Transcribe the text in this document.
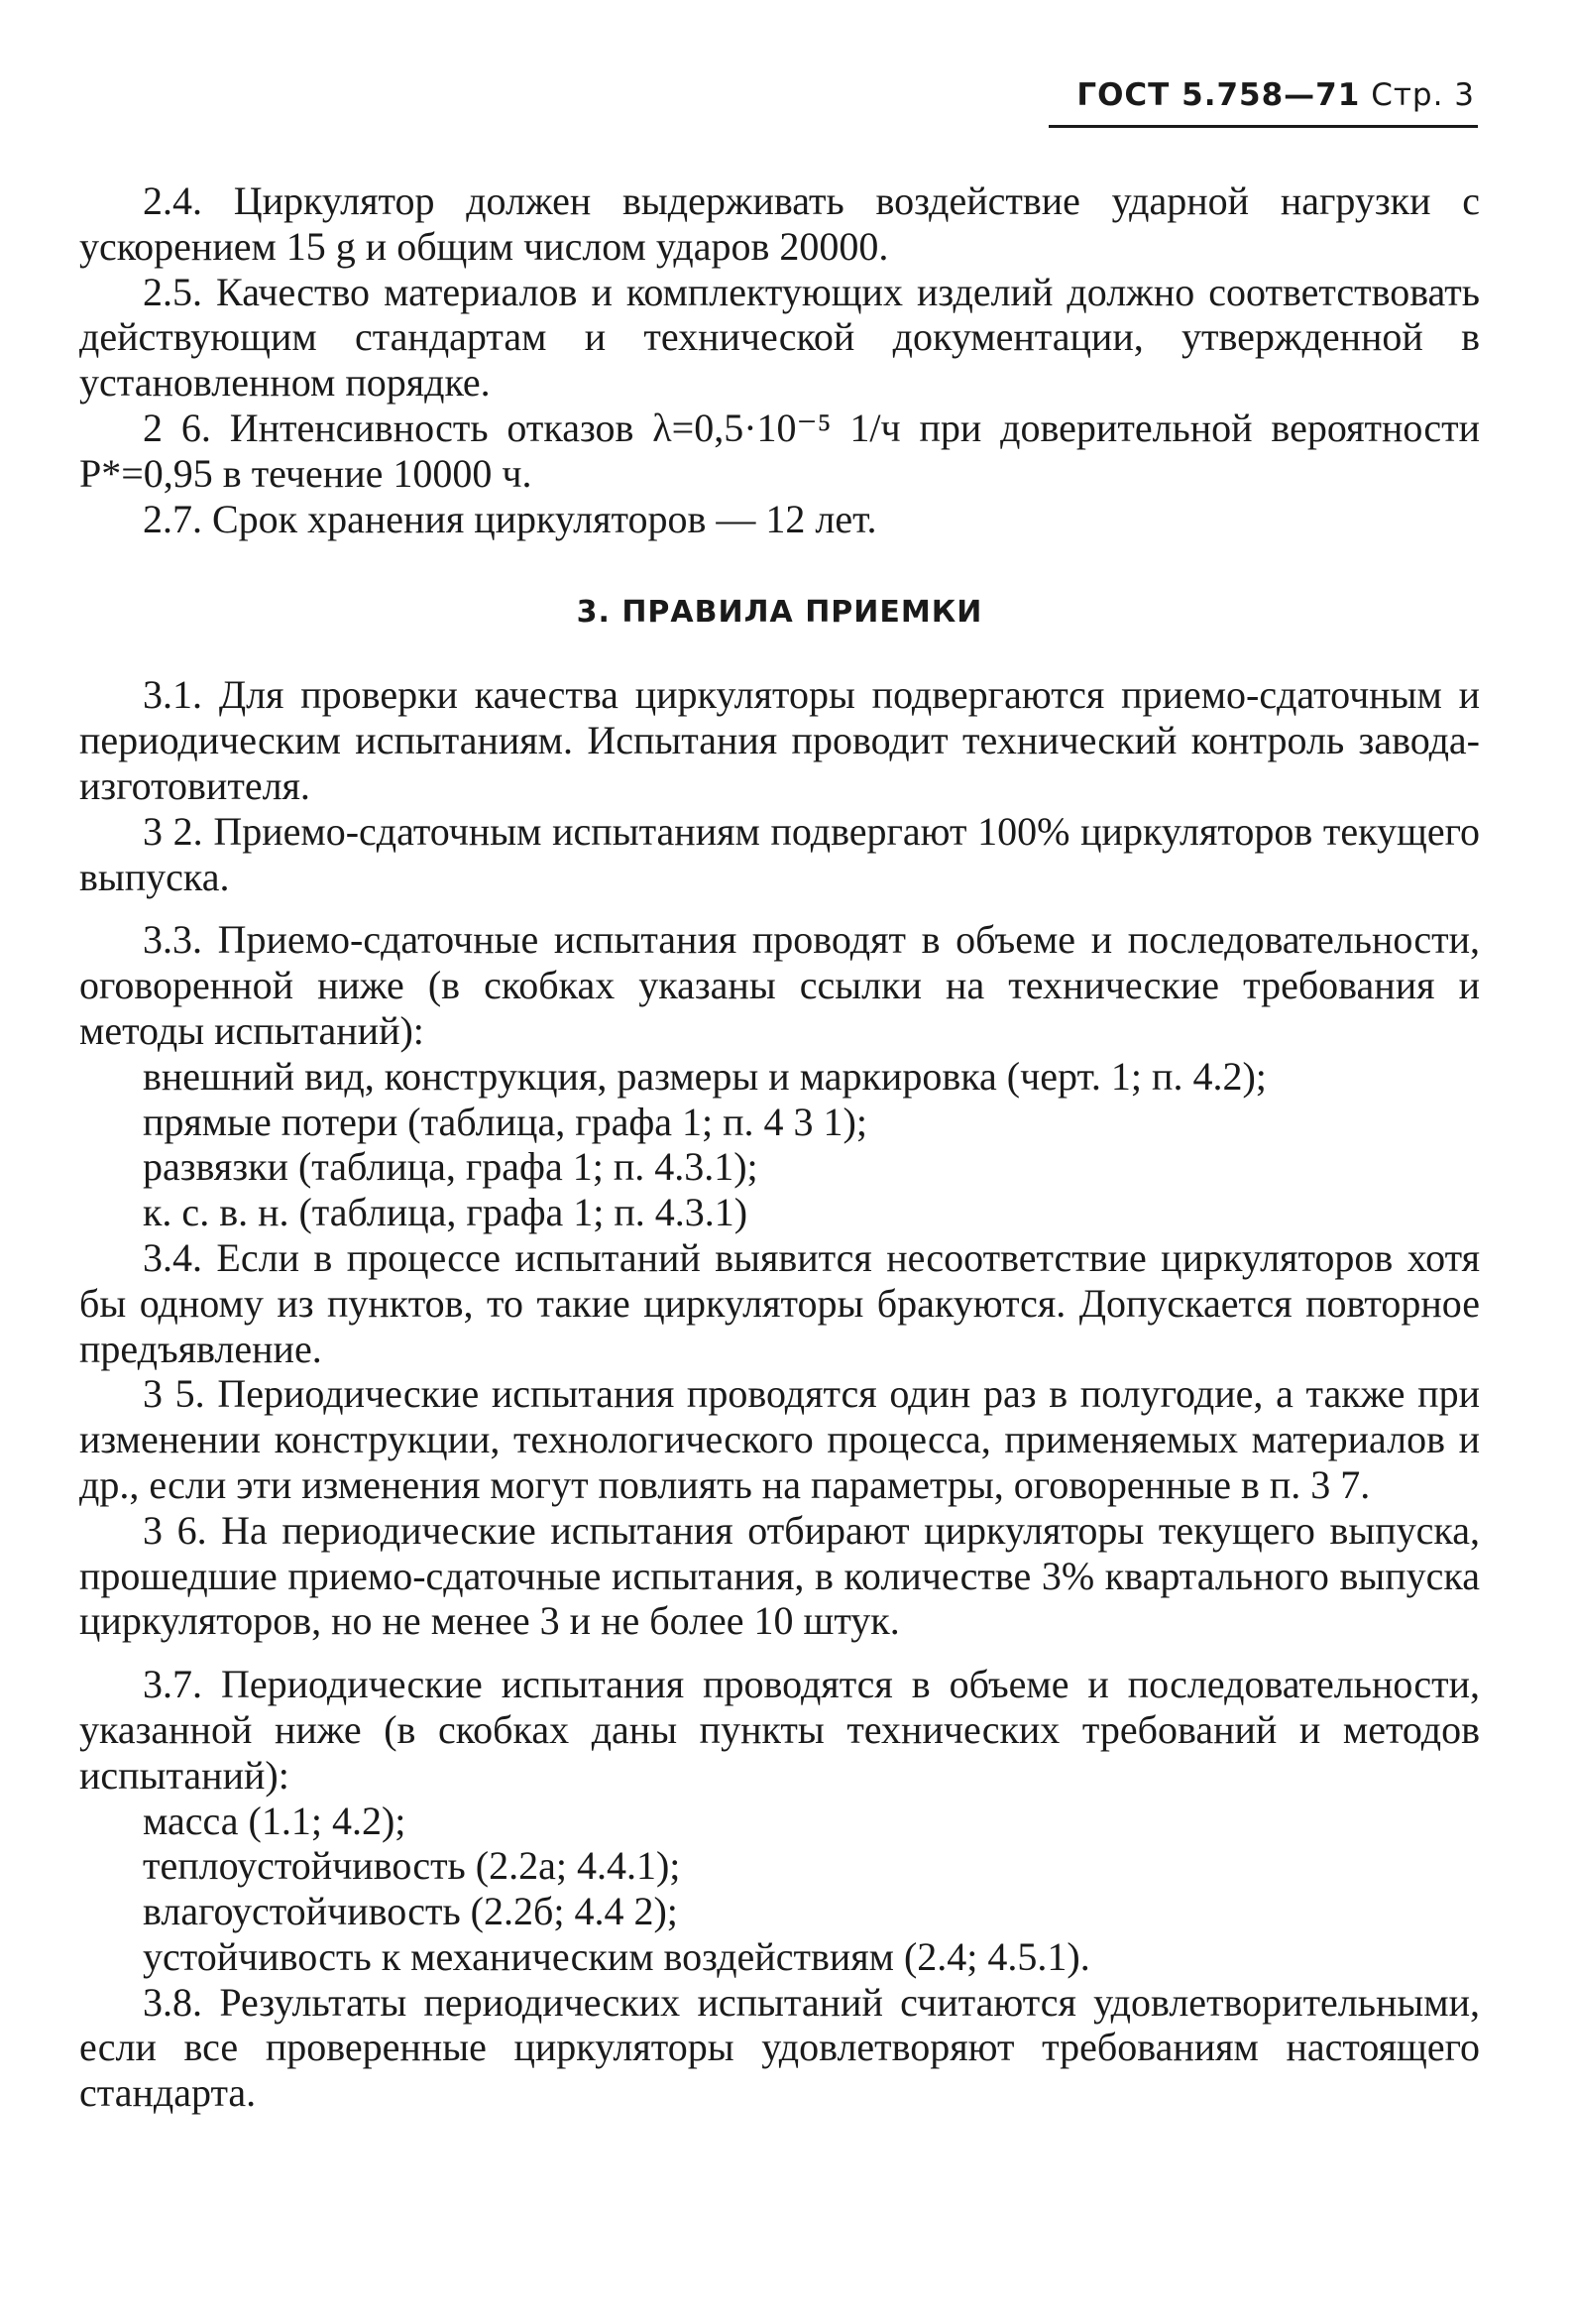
ГОСТ 5.758—71 Стр. 3

2.4. Циркулятор должен выдерживать воздействие ударной нагрузки с ускорением 15 g и общим числом ударов 20000.

2.5. Качество материалов и комплектующих изделий должно соответствовать действующим стандартам и технической документации, утвержденной в установленном порядке.

2 6. Интенсивность отказов λ=0,5·10⁻⁵ 1/ч при доверительной вероятности P*=0,95 в течение 10000 ч.

2.7. Срок хранения циркуляторов — 12 лет.

3. ПРАВИЛА ПРИЕМКИ

3.1. Для проверки качества циркуляторы подвергаются приемо-сдаточным и периодическим испытаниям. Испытания проводит технический контроль завода-изготовителя.

3 2. Приемо-сдаточным испытаниям подвергают 100% циркуляторов текущего выпуска.

3.3. Приемо-сдаточные испытания проводят в объеме и последовательности, оговоренной ниже (в скобках указаны ссылки на технические требования и методы испытаний):

внешний вид, конструкция, размеры и маркировка (черт. 1; п. 4.2);

прямые потери (таблица, графа 1; п. 4 3 1);

развязки (таблица, графа 1; п. 4.3.1);

к. с. в. н. (таблица, графа 1; п. 4.3.1)

3.4. Если в процессе испытаний выявится несоответствие циркуляторов хотя бы одному из пунктов, то такие циркуляторы бракуются. Допускается повторное предъявление.

3 5. Периодические испытания проводятся один раз в полугодие, а также при изменении конструкции, технологического процесса, применяемых материалов и др., если эти изменения могут повлиять на параметры, оговоренные в п. 3 7.

3 6. На периодические испытания отбирают циркуляторы текущего выпуска, прошедшие приемо-сдаточные испытания, в количестве 3% квартального выпуска циркуляторов, но не менее 3 и не более 10 штук.

3.7. Периодические испытания проводятся в объеме и последовательности, указанной ниже (в скобках даны пункты технических требований и методов испытаний):

масса (1.1; 4.2);

теплоустойчивость (2.2а; 4.4.1);

влагоустойчивость (2.2б; 4.4 2);

устойчивость к механическим воздействиям (2.4; 4.5.1).

3.8. Результаты периодических испытаний считаются удовлетворительными, если все проверенные циркуляторы удовлетворяют требованиям настоящего стандарта.
